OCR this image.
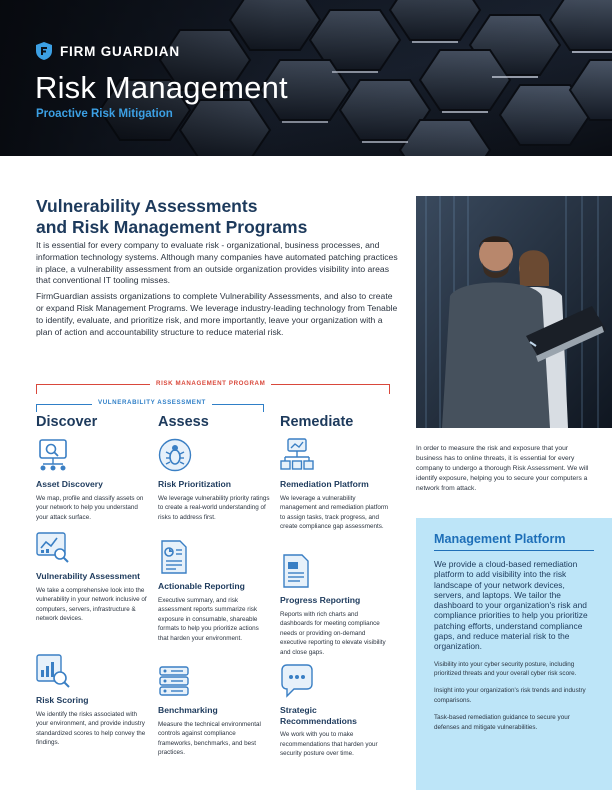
FIRM GUARDIAN
Risk Management
Proactive Risk Mitigation
Vulnerability Assessments
and Risk Management Programs

It is essential for every company to evaluate risk - organizational, business processes, and information technology systems. Although many companies have automated patching practices in place, a vulnerability assessment from an outside organization provides visibility into areas that conventional IT tooling misses.

FirmGuardian assists organizations to complete Vulnerability Assessments, and also to create or expand Risk Management Programs. We leverage industry-leading technology from Tenable to identify, evaluate, and prioritize risk, and more importantly, leave your organization with a plan of action and accountability structure to reduce material risk.

In order to measure the risk and exposure that your business has to online threats, it is essential for every company to undergo a thorough Risk Assessment. We will identify exposure, helping you to secure your computers a network from attack.

RISK MANAGEMENT PROGRAM
VULNERABILITY ASSESSMENT
Discover	Assess	Remediate
Asset Discovery

We map, profile and classify assets on your network to help you understand your attack surface.

Vulnerability Assessment

We take a comprehensive look into the vulnerability in your network inclusive of computers, servers, infrastructure & network devices.

Risk Scoring

We identify the risks associated with your environment, and provide industry standardized scores to help convey the findings.

Risk Prioritization

We leverage vulnerability priority ratings to create a real-world understanding of risks to address first.

Actionable Reporting

Executive summary, and risk assessment reports summarize risk exposure in consumable, shareable formats to help you prioritize actions that harden your environment.

Benchmarking

Measure the technical environmental controls against compliance frameworks, benchmarks, and best practices.

Remediation Platform

We leverage a vulnerability management and remediation platform to assign tasks, track progress, and create compliance gap assessments.

Progress Reporting

Reports with rich charts and dashboards for meeting compliance needs or providing on-demand executive reporting to elevate visibility and close gaps.

Strategic Recommendations

We work with you to make recommendations that harden your security posture over time.

Management Platform

We provide a cloud-based remediation platform to add visibility into the risk landscape of your network devices, servers, and laptops. We tailor the dashboard to your organization's risk and compliance priorities to help you prioritize patching efforts, understand compliance gaps, and reduce material risk to the organization.

Visibility into your cyber security posture, including prioritized threats and your overall cyber risk score.

Insight into your organization's risk trends and industry comparisons.

Task-based remediation guidance to secure your defenses and mitigate vulnerabilities.
